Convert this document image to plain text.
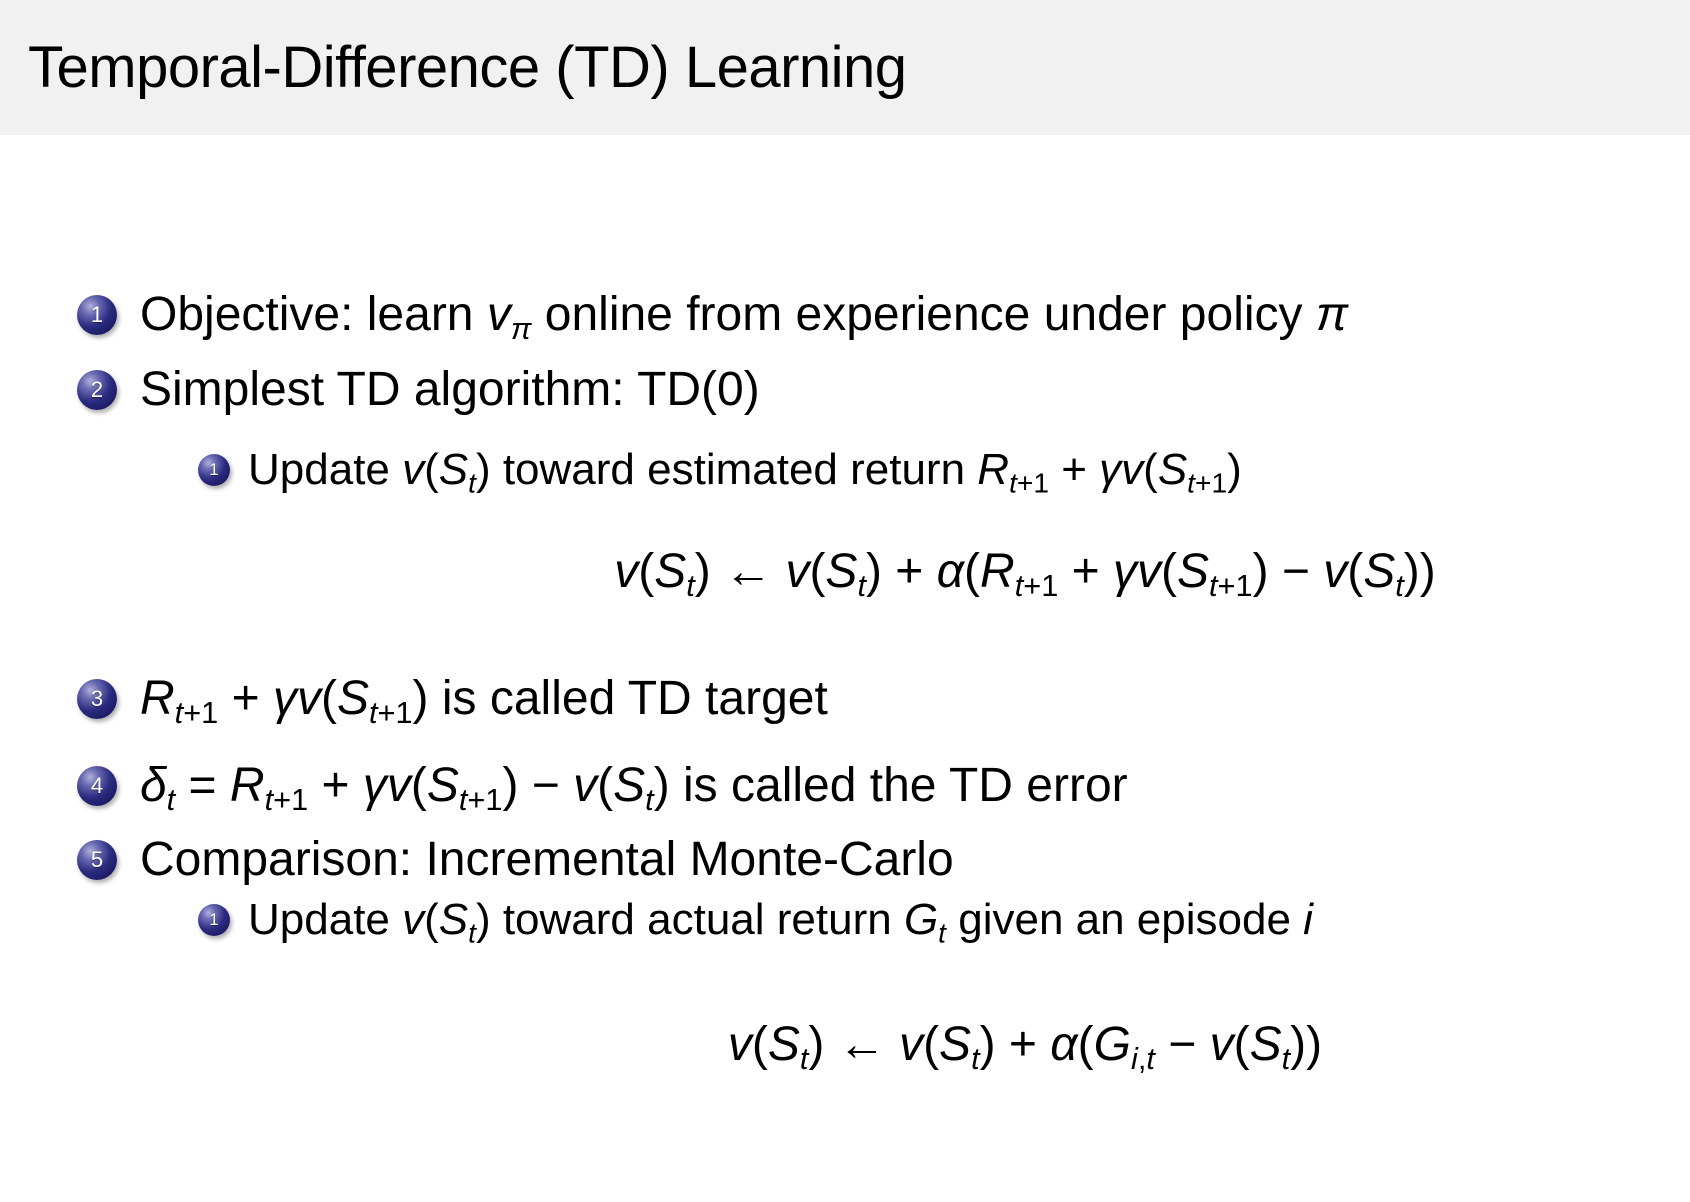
Temporal-Difference (TD) Learning
1 Objective: learn $v_\pi$ online from experience under policy π
2 Simplest TD algorithm: TD(0)
1 Update $v(S_t)$ toward estimated return $R_{t+1} + \gamma v(S_{t+1})$
$v(S_t)$ ← $v(S_t) + \alpha(R_{t+1} + \gamma v(S_{t+1}) - v(S_t))$
3 $R_{t+1} + \gamma v(S_{t+1})$ is called TD target
4 $\delta_t = R_{t+1} + \gamma v(S_{t+1}) - v(S_t)$ is called the TD error
5 Comparison: Incremental Monte-Carlo
1 Update $v(S_t)$ toward actual return $G_t$ given an episode i
$v(S_t)$ ← $v(S_t) + \alpha(G_{i,t} - v(S_t))$
